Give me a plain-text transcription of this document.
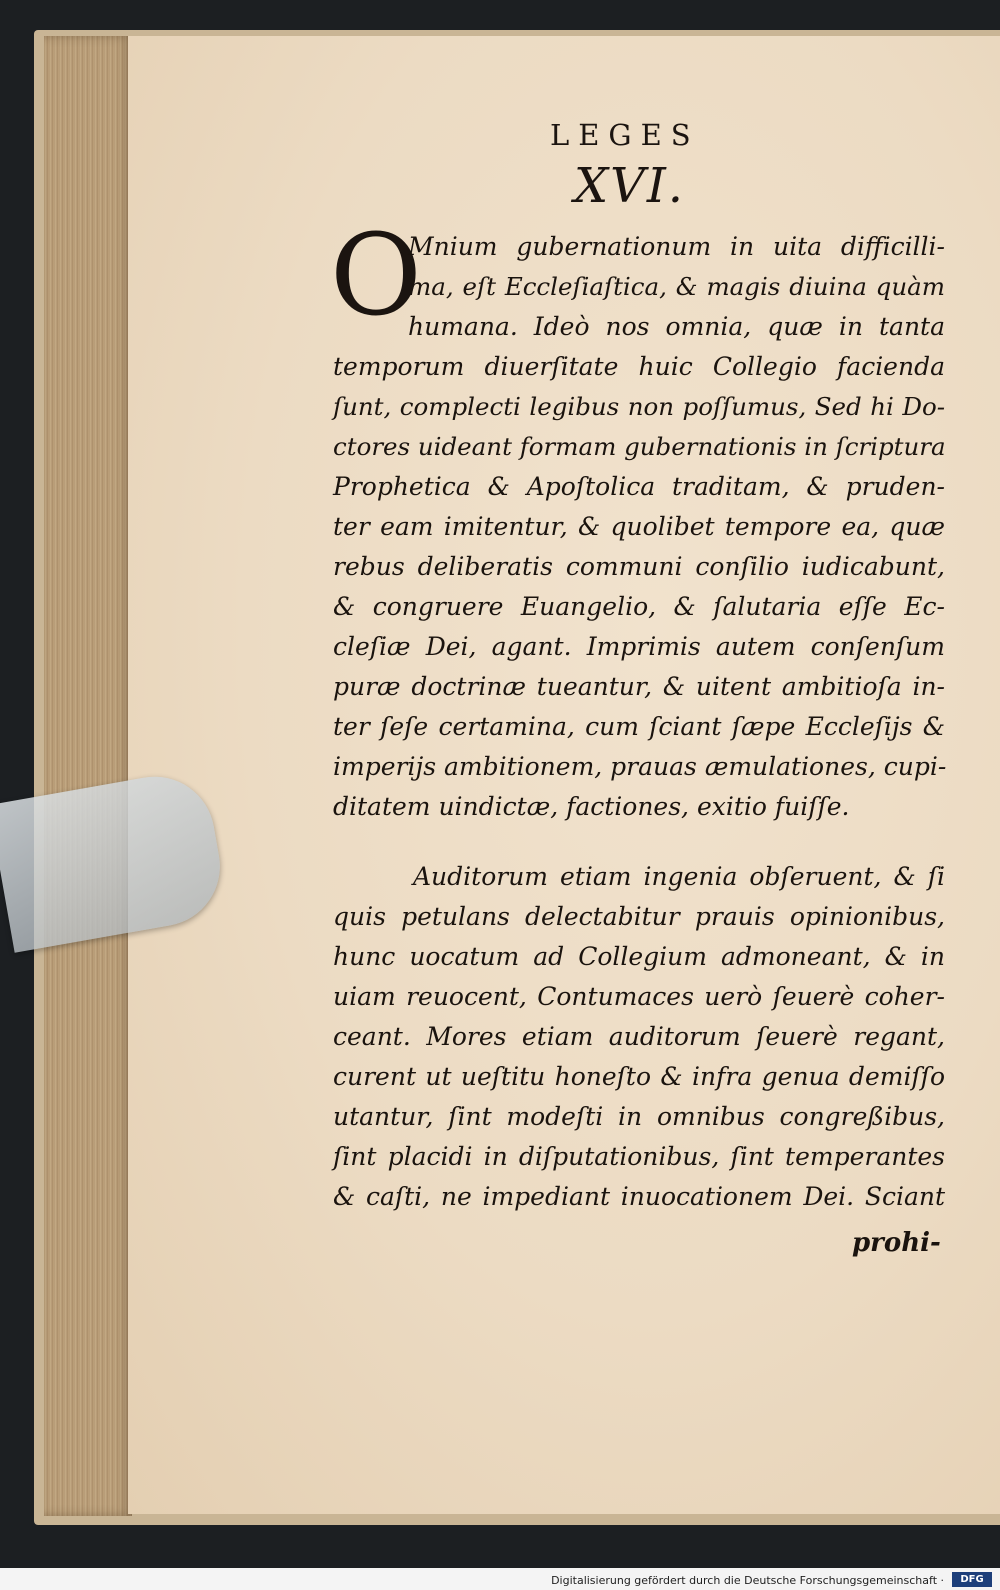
LEGES
XVI.
O

Mnium gubernationum in uita difficilli-

ma, eſt Eccleſiaſtica, & magis diuina quàm

humana. Ideò nos omnia, quæ in tanta

temporum diuerſitate huic Collegio facienda

ſunt, complecti legibus non poſſumus, Sed hi Do-

ctores uideant formam gubernationis in ſcriptura

Prophetica & Apoſtolica traditam, & pruden-

ter eam imitentur, & quolibet tempore ea, quæ

rebus deliberatis communi conſilio iudicabunt,

& congruere Euangelio, & ſalutaria eſſe Ec-

cleſiæ Dei, agant. Imprimis autem conſenſum

puræ doctrinæ tueantur, & uitent ambitioſa in-

ter ſeſe certamina, cum ſciant ſæpe Eccleſijs &

imperijs ambitionem, prauas æmulationes, cupi-

ditatem uindictæ, factiones, exitio fuiſſe.

Auditorum etiam ingenia obſeruent, & ſi

quis petulans delectabitur prauis opinionibus,

hunc uocatum ad Collegium admoneant, & in

uiam reuocent, Contumaces uerò ſeuerè coher-

ceant. Mores etiam auditorum ſeuerè regant,

curent ut ueſtitu honeſto & infra genua demiſſo

utantur, ſint modeſti in omnibus congreßibus,

ſint placidi in diſputationibus, ſint temperantes

& caſti, ne impediant inuocationem Dei. Sciant

prohi-
Digitalisierung gefördert durch die Deutsche Forschungsgemeinschaft ·	DFG
